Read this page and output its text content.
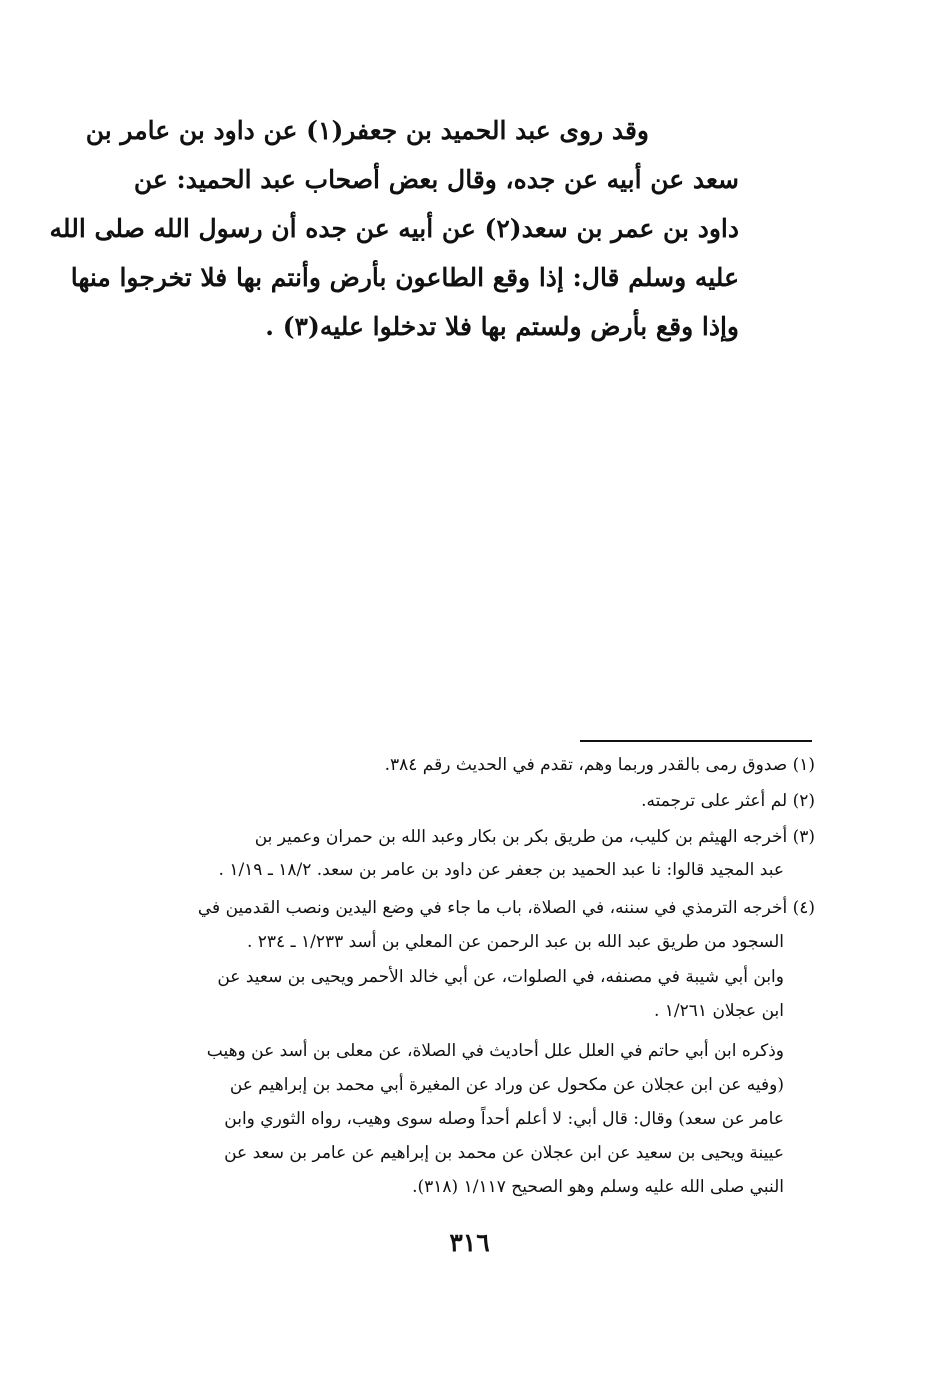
وقد روى عبد الحميد بن جعفر(١) عن داود بن عامر بن
سعد عن أبيه عن جده، وقال بعض أصحاب عبد الحميد: عن
داود بن عمر بن سعد(٢) عن أبيه عن جده أن رسول الله صلى الله
عليه وسلم قال: إذا وقع الطاعون بأرض وأنتم بها فلا تخرجوا منها
وإذا وقع بأرض ولستم بها فلا تدخلوا عليه(٣) .
(١) صدوق رمى بالقدر وربما وهم، تقدم في الحديث رقم ٣٨٤.
(٢) لم أعثر على ترجمته.
(٣) أخرجه الهيثم بن كليب، من طريق بكر بن بكار وعبد الله بن حمران وعمير بن
عبد المجيد قالوا: نا عبد الحميد بن جعفر عن داود بن عامر بن سعد. ١٨/٢ ـ ١/١٩ .
(٤) أخرجه الترمذي في سننه، في الصلاة، باب ما جاء في وضع اليدين ونصب القدمين في
السجود من طريق عبد الله بن عبد الرحمن عن المعلي بن أسد ١/٢٣٣ ـ ٢٣٤ .
وابن أبي شيبة في مصنفه، في الصلوات، عن أبي خالد الأحمر ويحيى بن سعيد عن
ابن عجلان ١/٢٦١ .
وذكره ابن أبي حاتم في العلل علل أحاديث في الصلاة، عن معلى بن أسد عن وهيب
(وفيه عن ابن عجلان عن مكحول عن وراد عن المغيرة أبي محمد بن إبراهيم عن
عامر عن سعد) وقال: قال أبي: لا أعلم أحداً وصله سوى وهيب، رواه الثوري وابن
عيينة ويحيى بن سعيد عن ابن عجلان عن محمد بن إبراهيم عن عامر بن سعد عن
النبي صلى الله عليه وسلم وهو الصحيح ١/١١٧ (٣١٨).
٣١٦
